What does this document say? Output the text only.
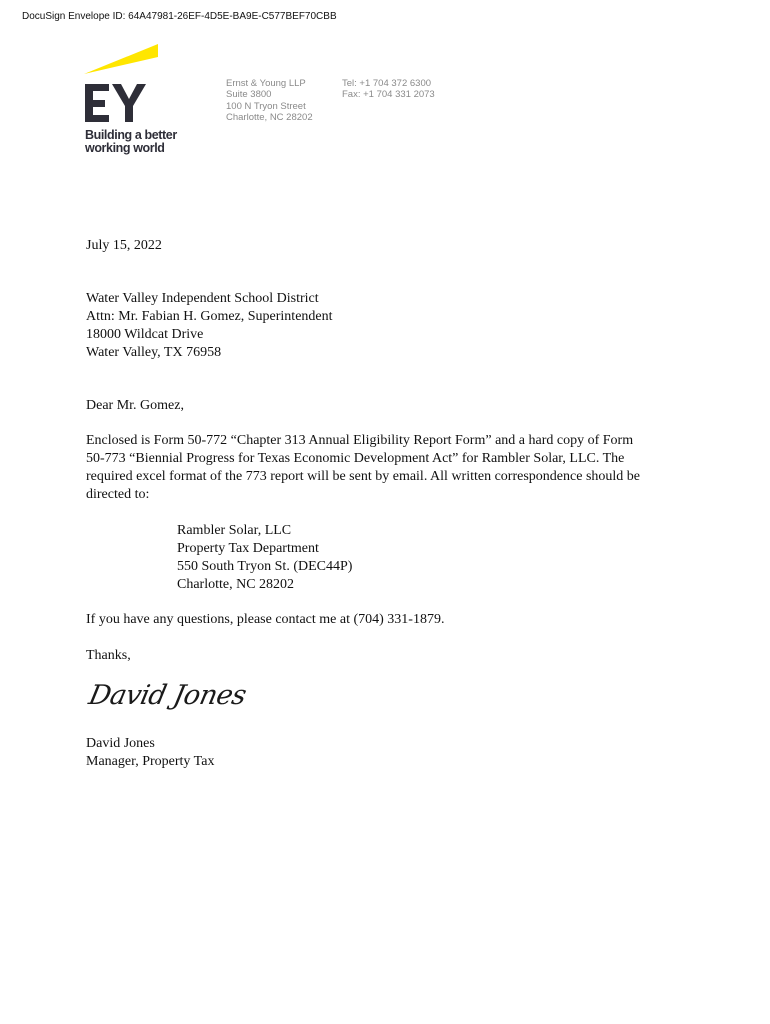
DocuSign Envelope ID: 64A47981-26EF-4D5E-BA9E-C577BEF70CBB
Building a better
working world
Ernst & Young LLP
Suite 3800
100 N Tryon Street
Charlotte, NC 28202
Tel: +1 704 372 6300
Fax: +1 704 331 2073
July 15, 2022
Water Valley Independent School District
Attn: Mr. Fabian H. Gomez, Superintendent
18000 Wildcat Drive
Water Valley, TX 76958
Dear Mr. Gomez,
Enclosed is Form 50-772 “Chapter 313 Annual Eligibility Report Form” and a hard copy of Form
50-773 “Biennial Progress for Texas Economic Development Act” for Rambler Solar, LLC. The
required excel format of the 773 report will be sent by email. All written correspondence should be
directed to:
Rambler Solar, LLC
Property Tax Department
550 South Tryon St. (DEC44P)
Charlotte, NC 28202
If you have any questions, please contact me at (704) 331-1879.
Thanks,
David Jones
David Jones
Manager, Property Tax
